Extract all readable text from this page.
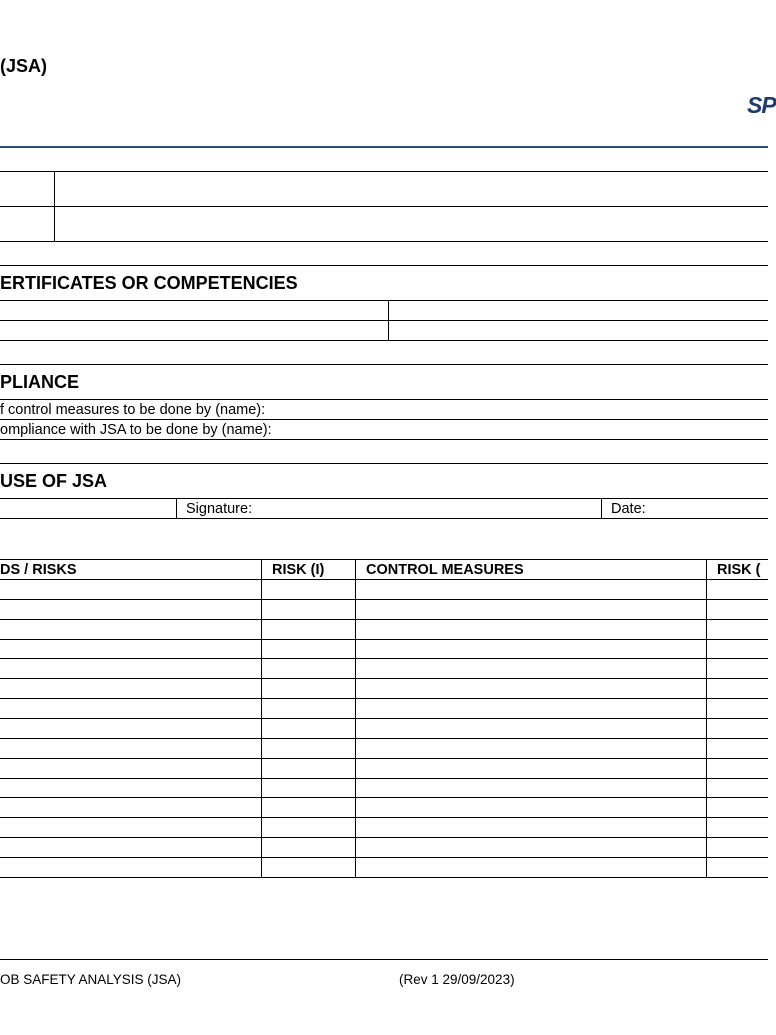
(JSA)
SP
ERTIFICATES OR COMPETENCIES
PLIANCE
f control measures to be done by (name):
ompliance with JSA to be done by (name):
USE OF JSA
Signature:	Date:
DS / RISKS	RISK (I)	CONTROL MEASURES	RISK (
OB SAFETY ANALYSIS (JSA)	(Rev 1 29/09/2023)
